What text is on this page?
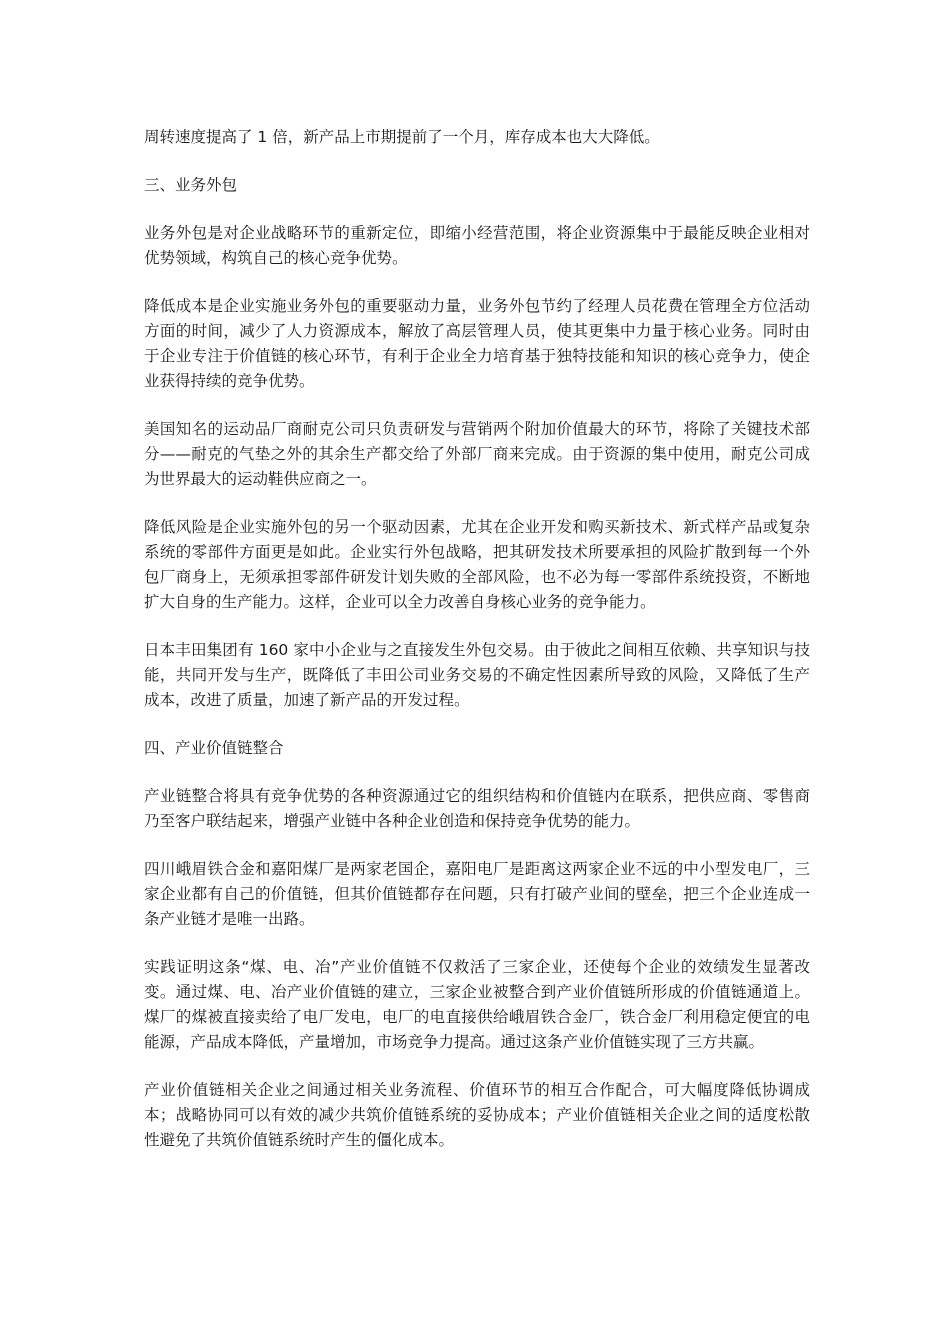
周转速度提高了 1 倍，新产品上市期提前了一个月，库存成本也大大降低。

三、业务外包

业务外包是对企业战略环节的重新定位，即缩小经营范围，将企业资源集中于最能反映企业相对优势领域，构筑自己的核心竞争优势。

降低成本是企业实施业务外包的重要驱动力量，业务外包节约了经理人员花费在管理全方位活动方面的时间，减少了人力资源成本，解放了高层管理人员，使其更集中力量于核心业务。同时由于企业专注于价值链的核心环节，有利于企业全力培育基于独特技能和知识的核心竞争力，使企业获得持续的竞争优势。

美国知名的运动品厂商耐克公司只负责研发与营销两个附加价值最大的环节，将除了关键技术部分——耐克的气垫之外的其余生产都交给了外部厂商来完成。由于资源的集中使用，耐克公司成为世界最大的运动鞋供应商之一。

降低风险是企业实施外包的另一个驱动因素，尤其在企业开发和购买新技术、新式样产品或复杂系统的零部件方面更是如此。企业实行外包战略，把其研发技术所要承担的风险扩散到每一个外包厂商身上，无须承担零部件研发计划失败的全部风险，也不必为每一零部件系统投资，不断地扩大自身的生产能力。这样，企业可以全力改善自身核心业务的竞争能力。

日本丰田集团有 160 家中小企业与之直接发生外包交易。由于彼此之间相互依赖、共享知识与技能，共同开发与生产，既降低了丰田公司业务交易的不确定性因素所导致的风险，又降低了生产成本，改进了质量，加速了新产品的开发过程。

四、产业价值链整合

产业链整合将具有竞争优势的各种资源通过它的组织结构和价值链内在联系，把供应商、零售商乃至客户联结起来，增强产业链中各种企业创造和保持竞争优势的能力。

四川峨眉铁合金和嘉阳煤厂是两家老国企，嘉阳电厂是距离这两家企业不远的中小型发电厂，三家企业都有自己的价值链，但其价值链都存在问题，只有打破产业间的壁垒，把三个企业连成一条产业链才是唯一出路。

实践证明这条“煤、电、冶”产业价值链不仅救活了三家企业，还使每个企业的效绩发生显著改变。通过煤、电、冶产业价值链的建立，三家企业被整合到产业价值链所形成的价值链通道上。煤厂的煤被直接卖给了电厂发电，电厂的电直接供给峨眉铁合金厂，铁合金厂利用稳定便宜的电能源，产品成本降低，产量增加，市场竞争力提高。通过这条产业价值链实现了三方共赢。

产业价值链相关企业之间通过相关业务流程、价值环节的相互合作配合，可大幅度降低协调成本；战略协同可以有效的减少共筑价值链系统的妥协成本；产业价值链相关企业之间的适度松散性避免了共筑价值链系统时产生的僵化成本。
